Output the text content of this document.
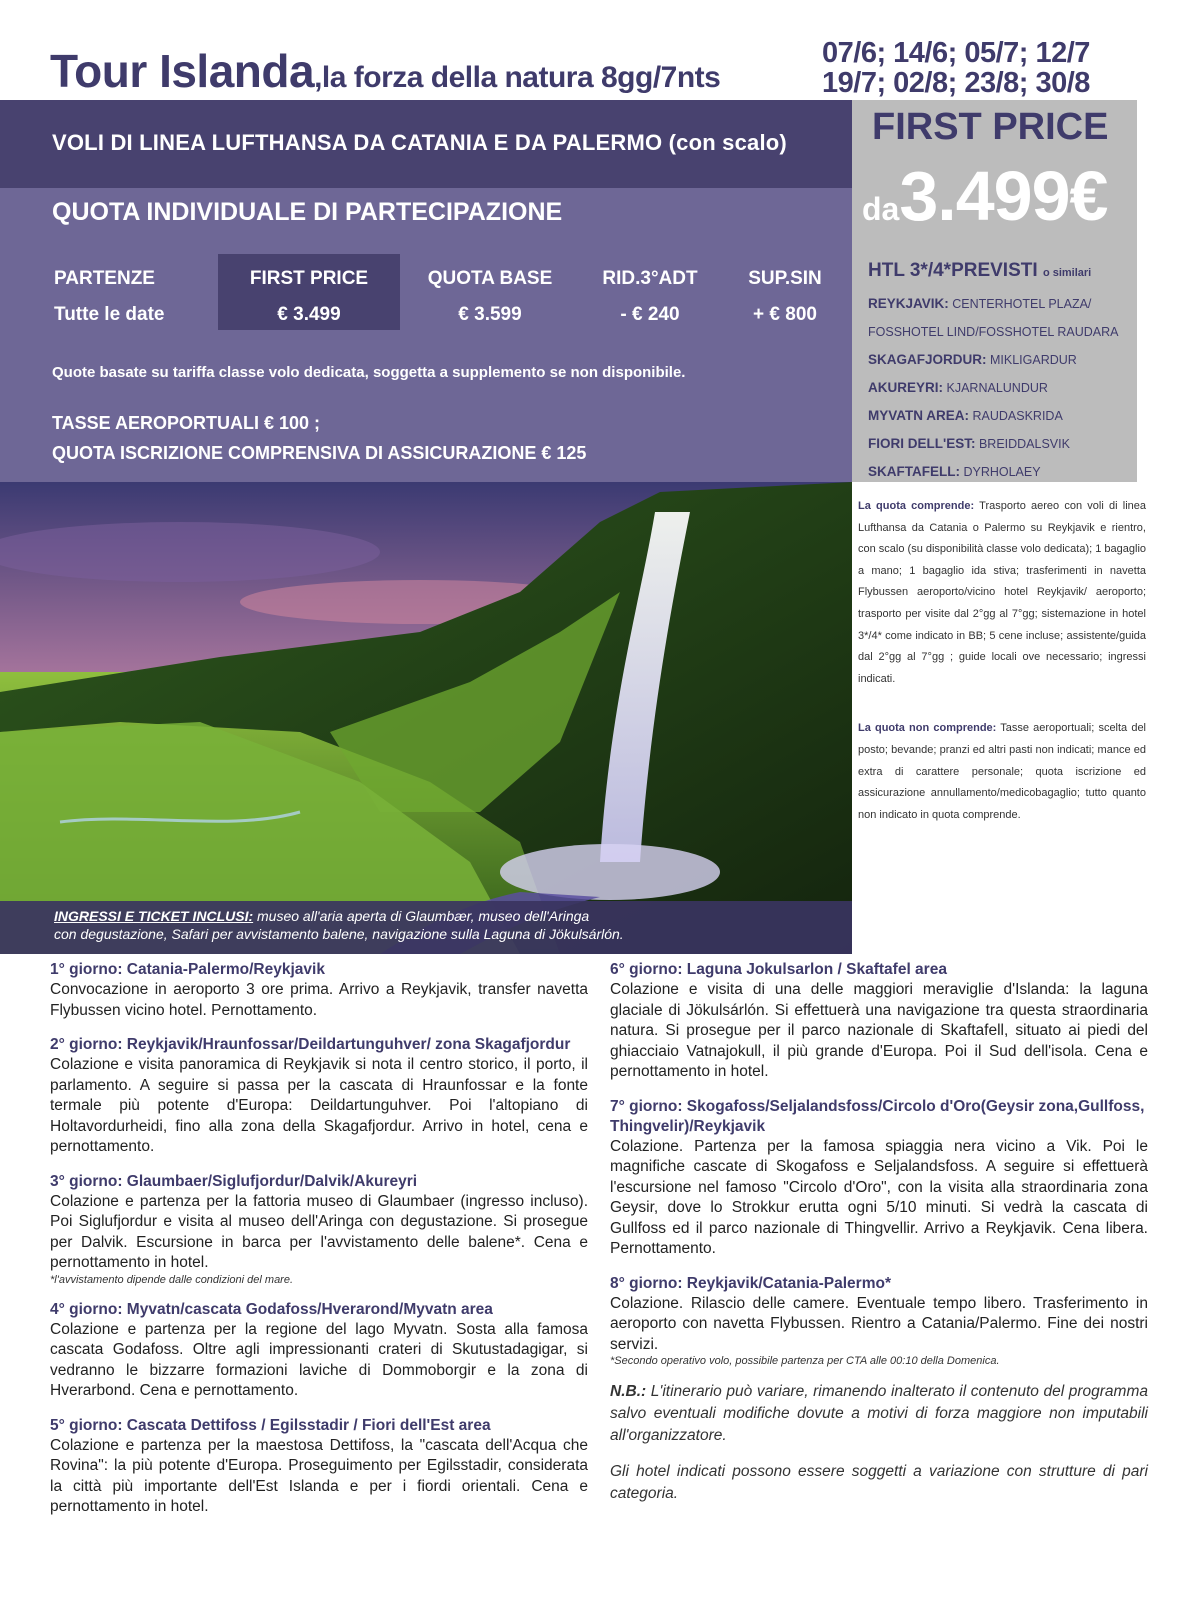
Tour Islanda,la forza della natura 8gg/7nts
07/6; 14/6; 05/7; 12/7
19/7; 02/8; 23/8; 30/8
VOLI DI LINEA LUFTHANSA DA CATANIA E DA PALERMO (con scalo)
QUOTA INDIVIDUALE DI PARTECIPAZIONE
PARTENZE	FIRST PRICE	QUOTA BASE	RID.3°ADT	SUP.SIN
Tutte le date	€ 3.499	€ 3.599	- € 240	+ € 800
Quote basate su tariffa classe volo dedicata, soggetta a supplemento se non disponibile.
TASSE AEROPORTUALI € 100 ;
QUOTA ISCRIZIONE COMPRENSIVA DI ASSICURAZIONE € 125
FIRST PRICE
da3.499€
HTL 3*/4*PREVISTI o similari
REYKJAVIK: CENTERHOTEL PLAZA/
FOSSHOTEL LIND/FOSSHOTEL RAUDARA
SKAGAFJORDUR: MIKLIGARDUR
AKUREYRI: KJARNALUNDUR
MYVATN AREA: RAUDASKRIDA
FIORI DELL'EST: BREIDDALSVIK
SKAFTAFELL: DYRHOLAEY
INGRESSI E TICKET INCLUSI: museo all'aria aperta di Glaumbær, museo dell'Aringa
con degustazione, Safari per avvistamento balene, navigazione sulla Laguna di Jökulsárlón.
La quota comprende: Trasporto aereo con voli di linea Lufthansa da Catania o Palermo su Reykjavik e rientro, con scalo (su disponibilità classe volo dedicata); 1 bagaglio a mano; 1 bagaglio ida stiva; trasferimenti in navetta Flybussen aeroporto/vicino hotel Reykjavik/ aeroporto; trasporto per visite dal 2°gg al 7°gg; sistemazione in hotel 3*/4* come indicato in BB; 5 cene incluse; assistente/guida dal 2°gg al 7°gg ; guide locali ove necessario; ingressi indicati.
La quota non comprende: Tasse aeroportuali; scelta del posto; bevande; pranzi ed altri pasti non indicati; mance ed extra di carattere personale; quota iscrizione ed assicurazione annullamento/medicobagaglio; tutto quanto non indicato in quota comprende.
1° giorno: Catania-Palermo/Reykjavik

Convocazione in aeroporto 3 ore prima. Arrivo a Reykjavik, transfer navetta Flybussen vicino hotel. Pernottamento.

2° giorno: Reykjavik/Hraunfossar/Deildartunguhver/ zona Skagafjordur

Colazione e visita panoramica di Reykjavik si nota il centro storico, il porto, il parlamento. A seguire si passa per la cascata di Hraunfossar e la fonte termale più potente d'Europa: Deildartunguhver. Poi l'altopiano di Holtavordurheidi, fino alla zona della Skagafjordur. Arrivo in hotel, cena e pernottamento.

3° giorno: Glaumbaer/Siglufjordur/Dalvik/Akureyri

Colazione e partenza per la fattoria museo di Glaumbaer (ingresso incluso). Poi Siglufjordur e visita al museo dell'Aringa con degustazione. Si prosegue per Dalvik. Escursione in barca per l'avvistamento delle balene*. Cena e pernottamento in hotel.

*l'avvistamento dipende dalle condizioni del mare.
4° giorno: Myvatn/cascata Godafoss/Hverarond/Myvatn area

Colazione e partenza per la regione del lago Myvatn. Sosta alla famosa cascata Godafoss. Oltre agli impressionanti crateri di Skutustadagigar, si vedranno le bizzarre formazioni laviche di Dommoborgir e la zona di Hverarbond. Cena e pernottamento.

5° giorno: Cascata Dettifoss / Egilsstadir / Fiori dell'Est area

Colazione e partenza per la maestosa Dettifoss, la "cascata dell'Acqua che Rovina": la più potente d'Europa. Proseguimento per Egilsstadir, considerata la città più importante dell'Est Islanda e per i fiordi orientali. Cena e pernottamento in hotel.

6° giorno: Laguna Jokulsarlon / Skaftafel area

Colazione e visita di una delle maggiori meraviglie d'Islanda: la laguna glaciale di Jökulsárlón. Si effettuerà una navigazione tra questa straordinaria natura. Si prosegue per il parco nazionale di Skaftafell, situato ai piedi del ghiacciaio Vatnajokull, il più grande d'Europa. Poi il Sud dell'isola. Cena e pernottamento in hotel.

7° giorno: Skogafoss/Seljalandsfoss/Circolo d'Oro(Geysir zona,Gullfoss, Thingvelir)/Reykjavik

Colazione. Partenza per la famosa spiaggia nera vicino a Vik. Poi le magnifiche cascate di Skogafoss e Seljalandsfoss. A seguire si effettuerà l'escursione nel famoso "Circolo d'Oro", con la visita alla straordinaria zona Geysir, dove lo Strokkur erutta ogni 5/10 minuti. Si vedrà la cascata di Gullfoss ed il parco nazionale di Thingvellir. Arrivo a Reykjavik. Cena libera. Pernottamento.

8° giorno: Reykjavik/Catania-Palermo*

Colazione. Rilascio delle camere. Eventuale tempo libero. Trasferimento in aeroporto con navetta Flybussen. Rientro a Catania/Palermo. Fine dei nostri servizi.

*Secondo operativo volo, possibile partenza per CTA alle 00:10 della Domenica.

N.B.: L'itinerario può variare, rimanendo inalterato il contenuto del programma salvo eventuali modifiche dovute a motivi di forza maggiore non imputabili all'organizzatore.

Gli hotel indicati possono essere soggetti a variazione con strutture di pari categoria.
